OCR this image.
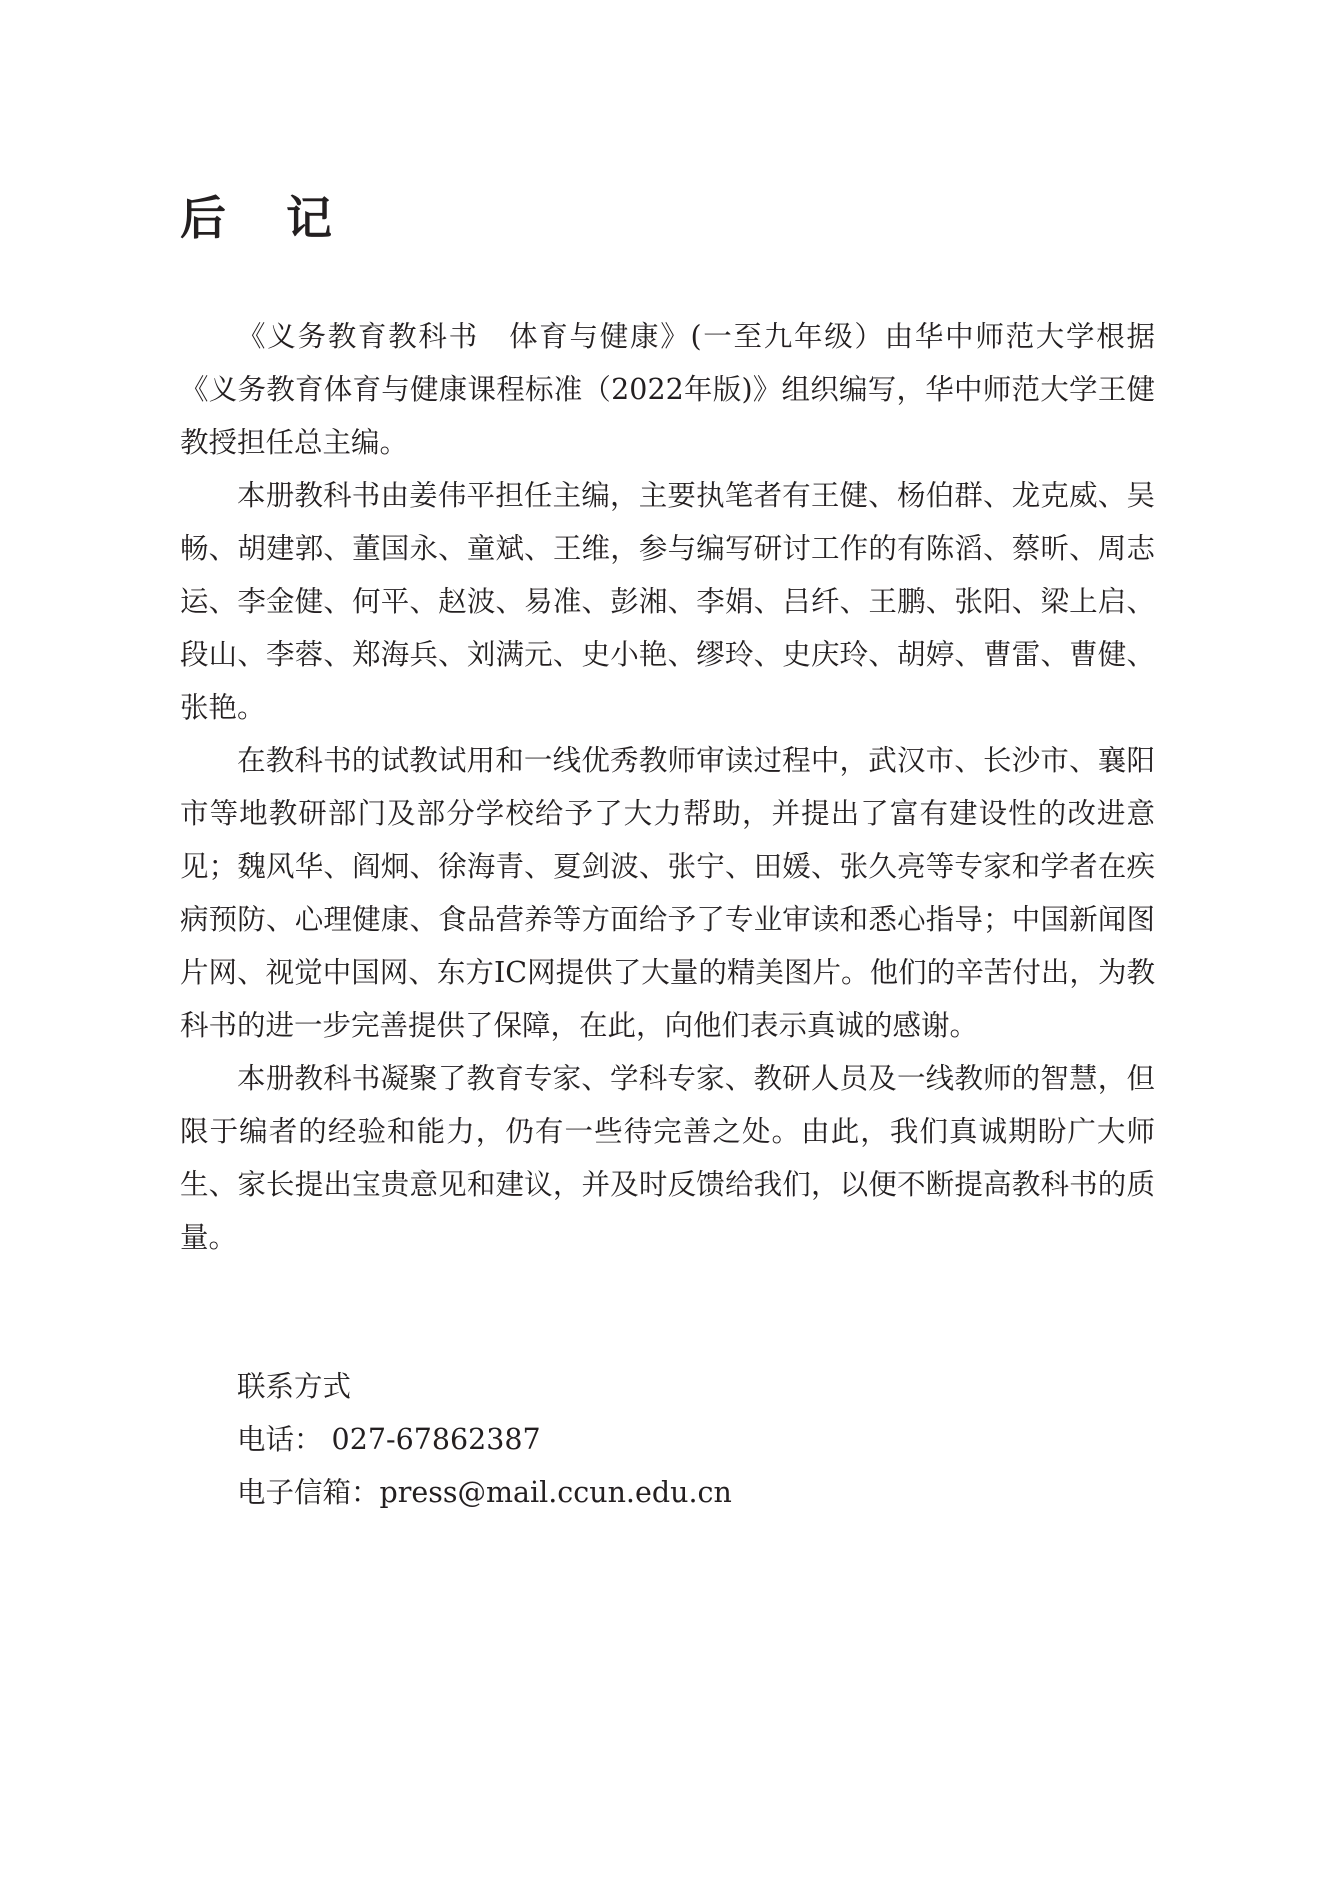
后 记

《义务教育教科书　体育与健康》(一至九年级）由华中师范大学根据《义务教育体育与健康课程标准（2022年版)》组织编写，华中师范大学王健教授担任总主编。

本册教科书由姜伟平担任主编，主要执笔者有王健、杨伯群、龙克威、吴畅、胡建郭、董国永、童斌、王维，参与编写研讨工作的有陈滔、蔡昕、周志运、李金健、何平、赵波、易准、彭湘、李娟、吕纤、王鹏、张阳、梁上启、段山、李蓉、郑海兵、刘满元、史小艳、缪玲、史庆玲、胡婷、曹雷、曹健、张艳。

在教科书的试教试用和一线优秀教师审读过程中，武汉市、长沙市、襄阳市等地教研部门及部分学校给予了大力帮助，并提出了富有建设性的改进意见；魏风华、阎炯、徐海青、夏剑波、张宁、田媛、张久亮等专家和学者在疾病预防、心理健康、食品营养等方面给予了专业审读和悉心指导；中国新闻图片网、视觉中国网、东方IC网提供了大量的精美图片。他们的辛苦付出，为教科书的进一步完善提供了保障，在此，向他们表示真诚的感谢。

本册教科书凝聚了教育专家、学科专家、教研人员及一线教师的智慧，但限于编者的经验和能力，仍有一些待完善之处。由此，我们真诚期盼广大师生、家长提出宝贵意见和建议，并及时反馈给我们，以便不断提高教科书的质量。

联系方式

电话： 027-67862387

电子信箱：press@mail.ccun.edu.cn
